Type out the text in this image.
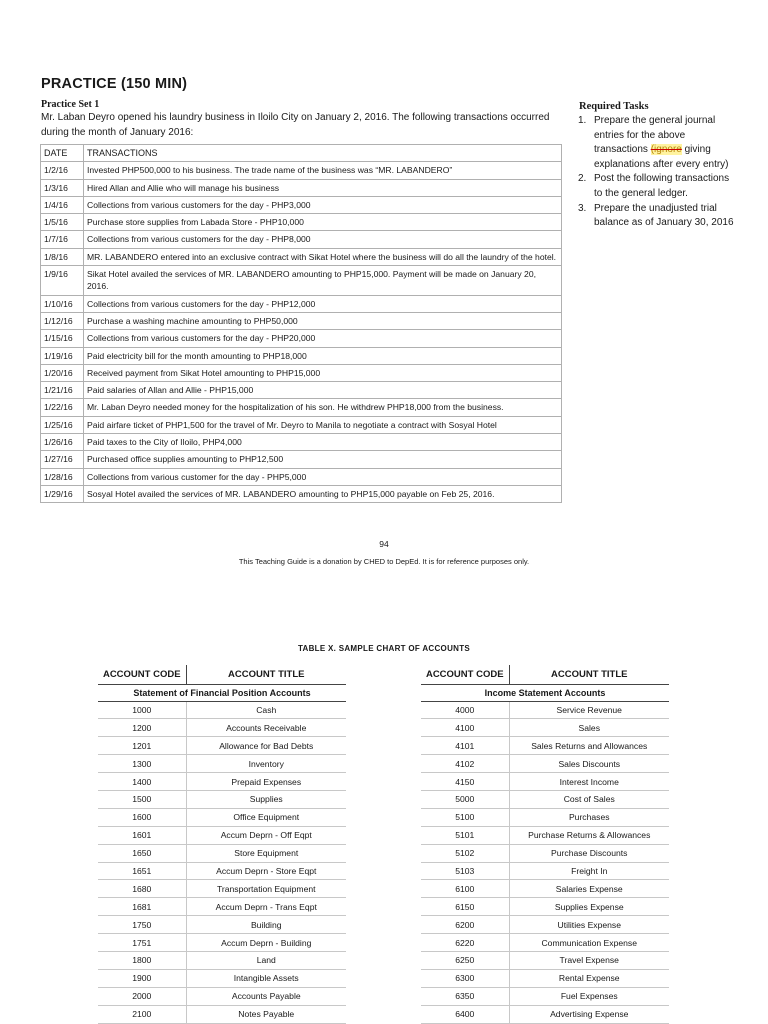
PRACTICE (150 MIN)
Practice Set 1
Mr. Laban Deyro opened his laundry business in Iloilo City on January 2, 2016. The following transactions occurred during the month of January 2016:
DATE	TRANSACTIONS
1/2/16	Invested PHP500,000 to his business. The trade name of the business was “MR. LABANDERO”
1/3/16	Hired Allan and Allie who will manage his business
1/4/16	Collections from various customers for the day - PHP3,000
1/5/16	Purchase store supplies from Labada Store - PHP10,000
1/7/16	Collections from various customers for the day - PHP8,000
1/8/16	MR. LABANDERO entered into an exclusive contract with Sikat Hotel where the business will do all the laundry of the hotel.
1/9/16	Sikat Hotel availed the services of MR. LABANDERO amounting to PHP15,000. Payment will be made on January 20, 2016.
1/10/16	Collections from various customers for the day - PHP12,000
1/12/16	Purchase a washing machine amounting to PHP50,000
1/15/16	Collections from various customers for the day - PHP20,000
1/19/16	Paid electricity bill for the month amounting to PHP18,000
1/20/16	Received payment from Sikat Hotel amounting to PHP15,000
1/21/16	Paid salaries of Allan and Allie - PHP15,000
1/22/16	Mr. Laban Deyro needed money for the hospitalization of his son. He withdrew PHP18,000 from the business.
1/25/16	Paid airfare ticket of PHP1,500 for the travel of Mr. Deyro to Manila to negotiate a contract with Sosyal Hotel
1/26/16	Paid taxes to the City of Iloilo, PHP4,000
1/27/16	Purchased office supplies amounting to PHP12,500
1/28/16	Collections from various customer for the day - PHP5,000
1/29/16	Sosyal Hotel availed the services of MR. LABANDERO amounting to PHP15,000 payable on Feb 25, 2016.
Required Tasks
1. Prepare the general journal entries for the above transactions (ignore giving explanations after every entry)
2. Post the following transactions to the general ledger.
3. Prepare the unadjusted trial balance as of January 30, 2016
94
This Teaching Guide is a donation by CHED to DepEd. It is for reference purposes only.
TABLE X. SAMPLE CHART OF ACCOUNTS
ACCOUNT CODE	ACCOUNT TITLE
Statement of Financial Position Accounts	
1000	Cash
1200	Accounts Receivable
1201	Allowance for Bad Debts
1300	Inventory
1400	Prepaid Expenses
1500	Supplies
1600	Office Equipment
1601	Accum Deprn - Off Eqpt
1650	Store Equipment
1651	Accum Deprn - Store Eqpt
1680	Transportation Equipment
1681	Accum Deprn - Trans Eqpt
1750	Building
1751	Accum Deprn - Building
1800	Land
1900	Intangible Assets
2000	Accounts Payable
2100	Notes Payable
ACCOUNT CODE	ACCOUNT TITLE
Income Statement Accounts	
4000	Service Revenue
4100	Sales
4101	Sales Returns and Allowances
4102	Sales Discounts
4150	Interest Income
5000	Cost of Sales
5100	Purchases
5101	Purchase Returns & Allowances
5102	Purchase Discounts
5103	Freight In
6100	Salaries Expense
6150	Supplies Expense
6200	Utilities Expense
6220	Communication Expense
6250	Travel Expense
6300	Rental Expense
6350	Fuel Expenses
6400	Advertising Expense
